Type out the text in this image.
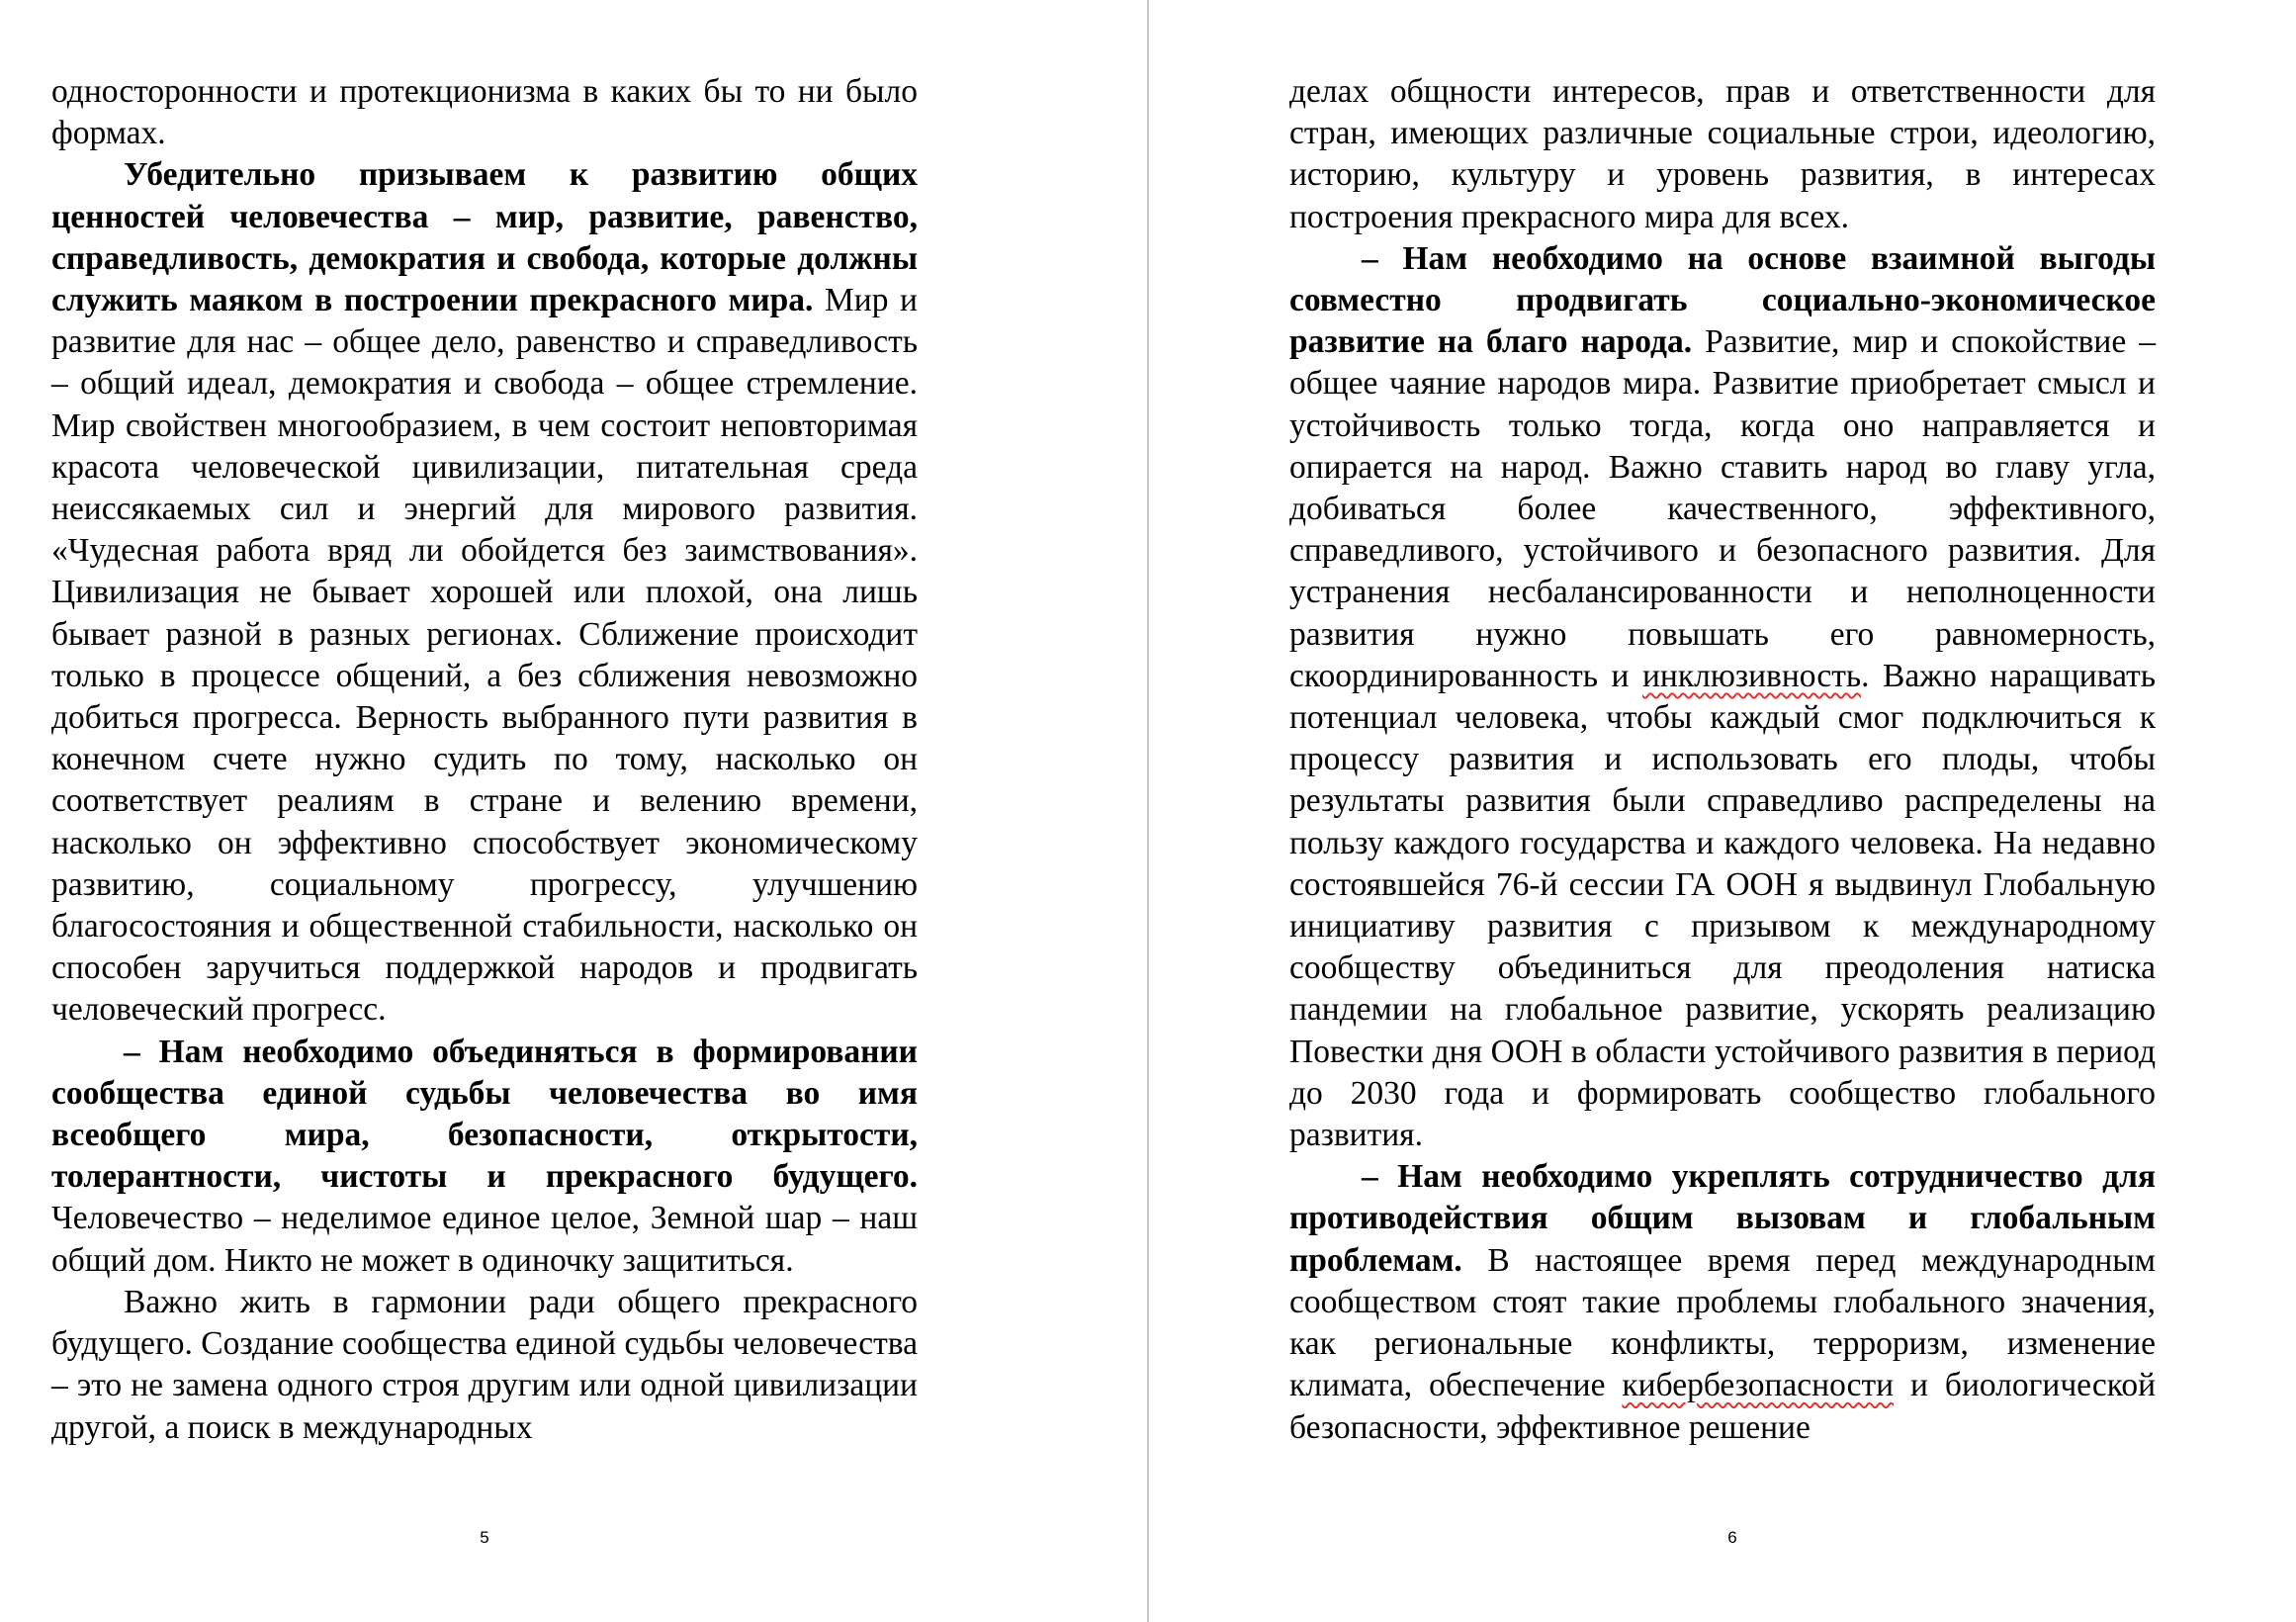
односторонности и протекционизма в каких бы то ни было формах.

Убедительно призываем к развитию общих ценностей человечества – мир, развитие, равенство, справедливость, демократия и свобода, которые должны служить маяком в построении прекрасного мира. Мир и развитие для нас – общее дело, равенство и справедливость – общий идеал, демократия и свобода – общее стремление. Мир свойствен многообразием, в чем состоит неповторимая красота человеческой цивилизации, питательная среда неиссякаемых сил и энергий для мирового развития. «Чудесная работа вряд ли обойдется без заимствования». Цивилизация не бывает хорошей или плохой, она лишь бывает разной в разных регионах. Сближение происходит только в процессе общений, а без сближения невозможно добиться прогресса. Верность выбранного пути развития в конечном счете нужно судить по тому, насколько он соответствует реалиям в стране и велению времени, насколько он эффективно способствует экономическому развитию, социальному прогрессу, улучшению благосостояния и общественной стабильности, насколько он способен заручиться поддержкой народов и продвигать человеческий прогресс.

– Нам необходимо объединяться в формировании сообщества единой судьбы человечества во имя всеобщего мира, безопасности, открытости, толерантности, чистоты и прекрасного будущего. Человечество – неделимое единое целое, Земной шар – наш общий дом. Никто не может в одиночку защититься.

Важно жить в гармонии ради общего прекрасного будущего. Создание сообщества единой судьбы человечества – это не замена одного строя другим или одной цивилизации другой, а поиск в международных

5

делах общности интересов, прав и ответственности для стран, имеющих различные социальные строи, идеологию, историю, культуру и уровень развития, в интересах построения прекрасного мира для всех.

– Нам необходимо на основе взаимной выгоды совместно продвигать социально-экономическое развитие на благо народа. Развитие, мир и спокойствие – общее чаяние народов мира. Развитие приобретает смысл и устойчивость только тогда, когда оно направляется и опирается на народ. Важно ставить народ во главу угла, добиваться более качественного, эффективного, справедливого, устойчивого и безопасного развития. Для устранения несбалансированности и неполноценности развития нужно повышать его равномерность, скоординированность и инклюзивность. Важно наращивать потенциал человека, чтобы каждый смог подключиться к процессу развития и использовать его плоды, чтобы результаты развития были справедливо распределены на пользу каждого государства и каждого человека. На недавно состоявшейся 76-й сессии ГА ООН я выдвинул Глобальную инициативу развития с призывом к международному сообществу объединиться для преодоления натиска пандемии на глобальное развитие, ускорять реализацию Повестки дня ООН в области устойчивого развития в период до 2030 года и формировать сообщество глобального развития.

– Нам необходимо укреплять сотрудничество для противодействия общим вызовам и глобальным проблемам. В настоящее время перед международным сообществом стоят такие проблемы глобального значения, как региональные конфликты, терроризм, изменение климата, обеспечение кибербезопасности и биологической безопасности, эффективное решение

6
